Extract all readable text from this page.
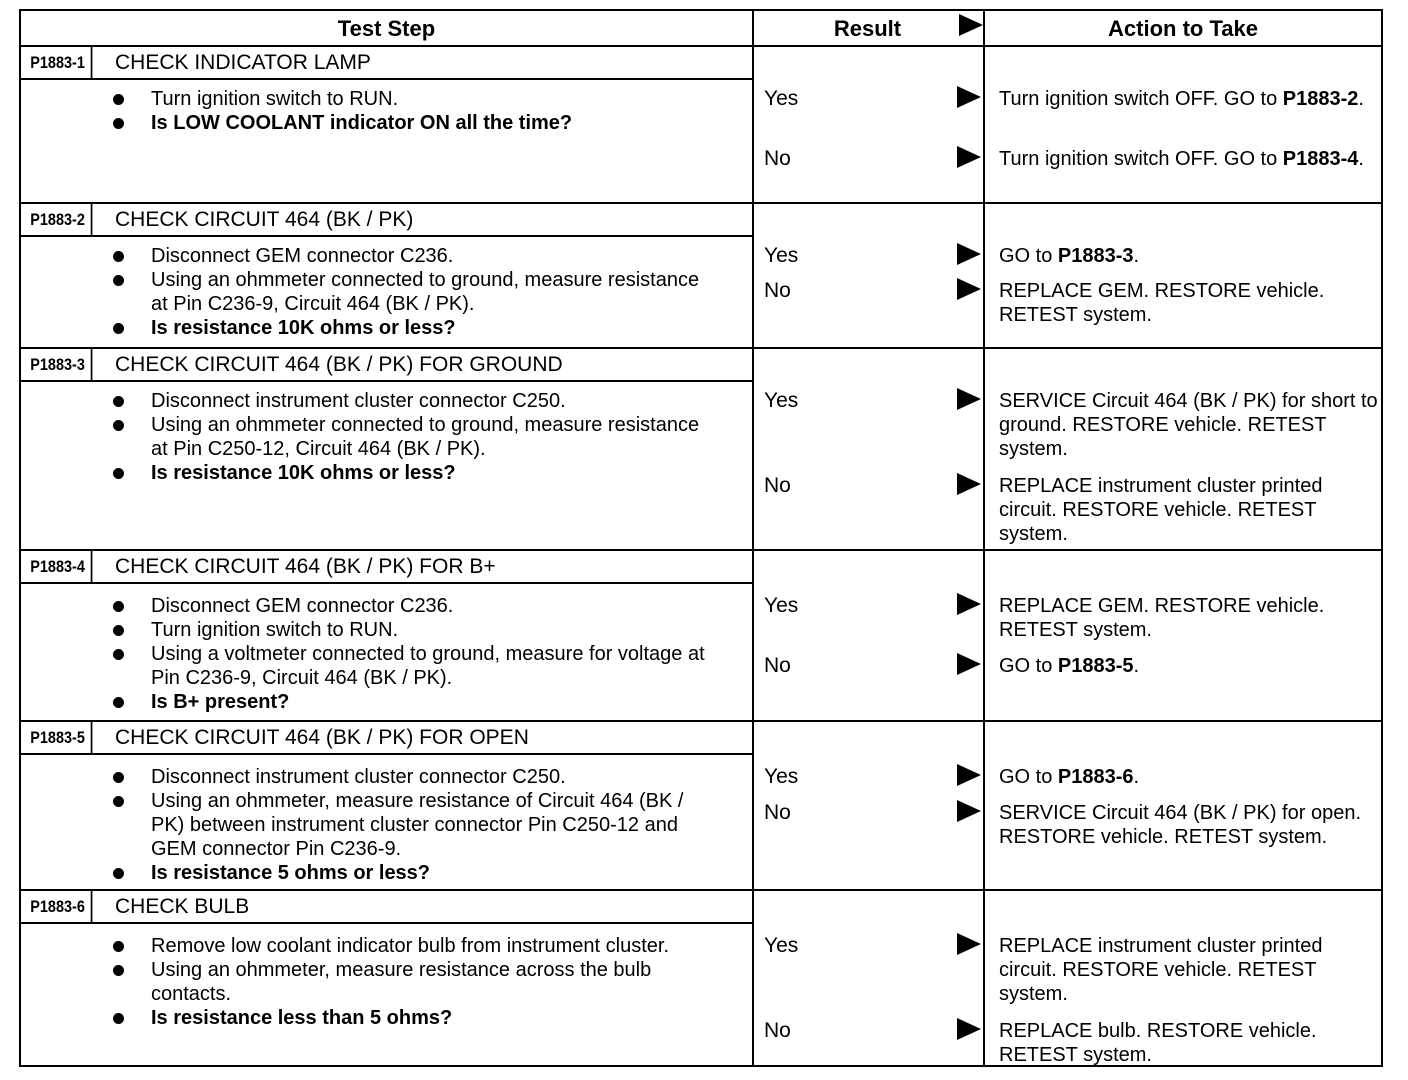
Test Step	Result	Action to Take
P1883-1	CHECK INDICATOR LAMP
Turn ignition switch to RUN.
Is LOW COOLANT indicator ON all the time?
Yes	Turn ignition switch OFF. GO to P1883-2.
No	Turn ignition switch OFF. GO to P1883-4.
P1883-2	CHECK CIRCUIT 464 (BK / PK)
Disconnect GEM connector C236.
Using an ohmmeter connected to ground, measure resistance at Pin C236-9, Circuit 464 (BK / PK).
Is resistance 10K ohms or less?
Yes	GO to P1883-3.
No	REPLACE GEM. RESTORE vehicle. RETEST system.
P1883-3	CHECK CIRCUIT 464 (BK / PK) FOR GROUND
Disconnect instrument cluster connector C250.
Using an ohmmeter connected to ground, measure resistance at Pin C250-12, Circuit 464 (BK / PK).
Is resistance 10K ohms or less?
Yes	SERVICE Circuit 464 (BK / PK) for short to ground. RESTORE vehicle. RETEST system.
No	REPLACE instrument cluster printed circuit. RESTORE vehicle. RETEST system.
P1883-4	CHECK CIRCUIT 464 (BK / PK) FOR B+
Disconnect GEM connector C236.
Turn ignition switch to RUN.
Using a voltmeter connected to ground, measure for voltage at Pin C236-9, Circuit 464 (BK / PK).
Is B+ present?
Yes	REPLACE GEM. RESTORE vehicle. RETEST system.
No	GO to P1883-5.
P1883-5	CHECK CIRCUIT 464 (BK / PK) FOR OPEN
Disconnect instrument cluster connector C250.
Using an ohmmeter, measure resistance of Circuit 464 (BK / PK) between instrument cluster connector Pin C250-12 and GEM connector Pin C236-9.
Is resistance 5 ohms or less?
Yes	GO to P1883-6.
No	SERVICE Circuit 464 (BK / PK) for open. RESTORE vehicle. RETEST system.
P1883-6	CHECK BULB
Remove low coolant indicator bulb from instrument cluster.
Using an ohmmeter, measure resistance across the bulb contacts.
Is resistance less than 5 ohms?
Yes	REPLACE instrument cluster printed circuit. RESTORE vehicle. RETEST system.
No	REPLACE bulb. RESTORE vehicle. RETEST system.
